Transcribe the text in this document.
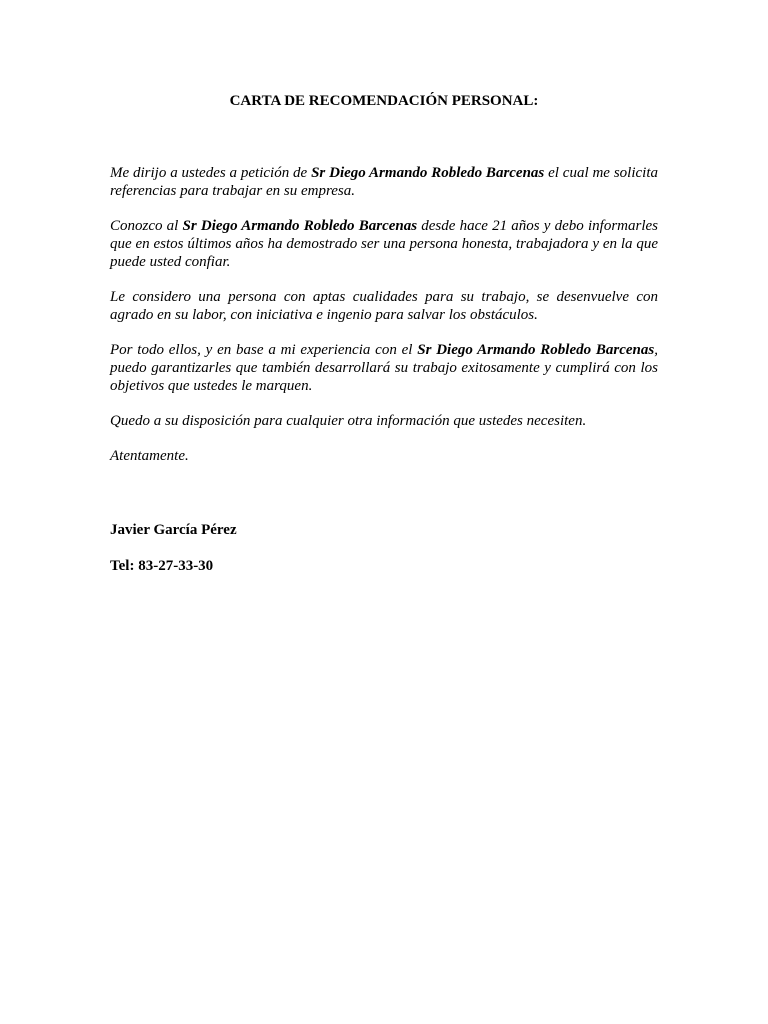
CARTA DE RECOMENDACIÓN PERSONAL:

Me dirijo a ustedes a petición de Sr Diego Armando Robledo Barcenas el cual me solicita referencias para trabajar en su empresa.

Conozco al Sr Diego Armando Robledo Barcenas desde hace 21 años y debo informarles que en estos últimos años ha demostrado ser una persona honesta, trabajadora y en la que puede usted confiar.

Le considero una persona con aptas cualidades para su trabajo, se desenvuelve con agrado en su labor, con iniciativa e ingenio para salvar los obstáculos.

Por todo ellos, y en base a mi experiencia con el Sr Diego Armando Robledo Barcenas, puedo garantizarles que también desarrollará su trabajo exitosamente y cumplirá con los objetivos que ustedes le marquen.

Quedo a su disposición para cualquier otra información que ustedes necesiten.

Atentamente.

Javier García Pérez

Tel: 83-27-33-30
